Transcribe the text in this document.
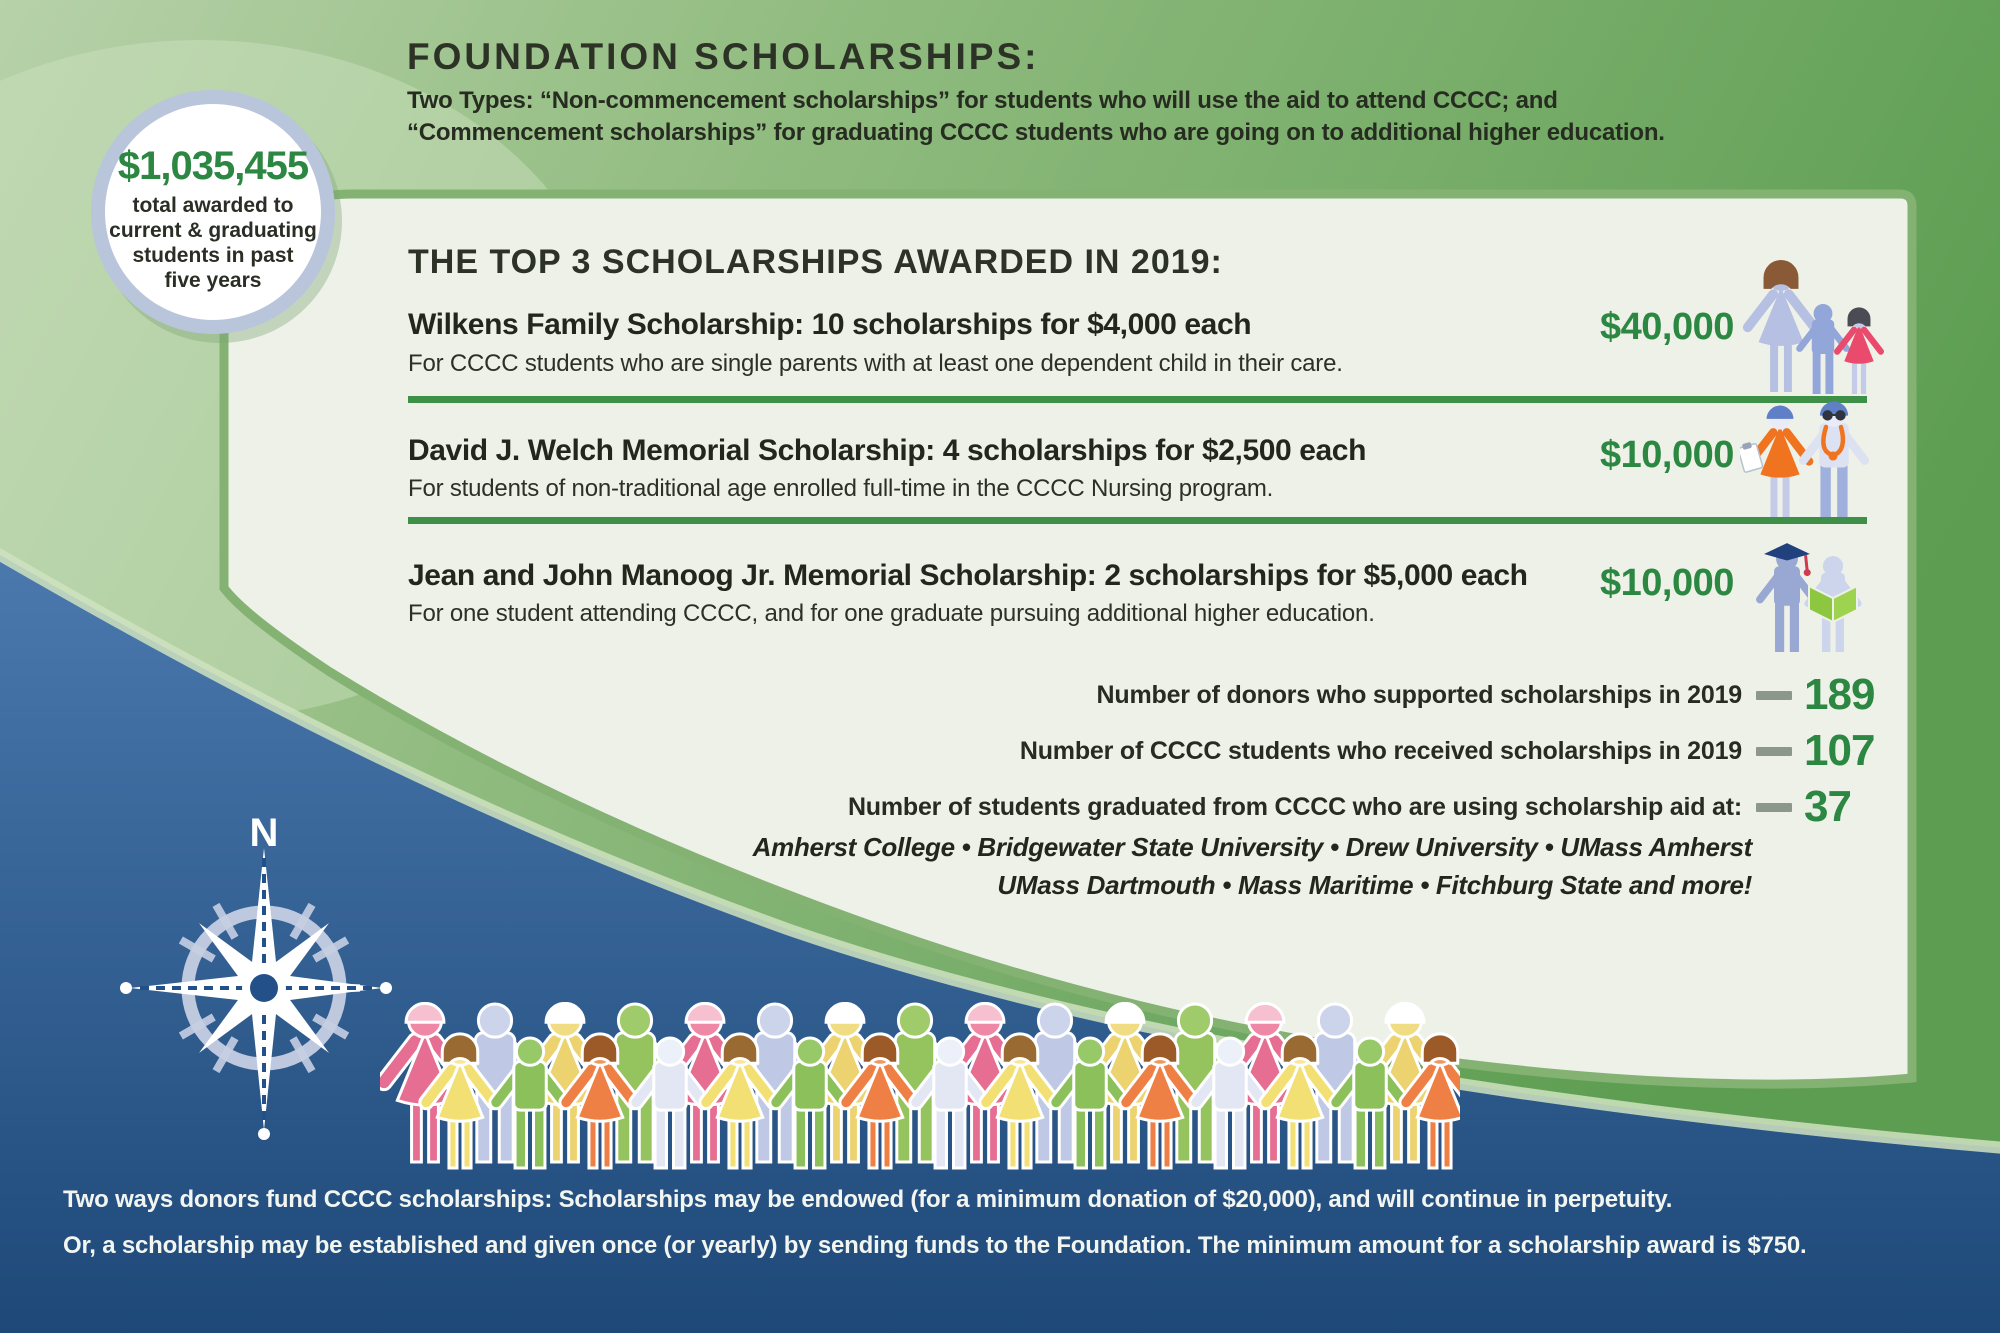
FOUNDATION SCHOLARSHIPS:
Two Types: “Non-commencement scholarships” for students who will use the aid to attend CCCC; and
“Commencement scholarships” for graduating CCCC students who are going on to additional higher education.
$1,035,455
total awarded to
current & graduating
students in past
five years	THE TOP 3 SCHOLARSHIPS AWARDED IN 2019:
Wilkens Family Scholarship: 10 scholarships for $4,000 each
For CCCC students who are single parents with at least one dependent child in their care.
$40,000
David J. Welch Memorial Scholarship: 4 scholarships for $2,500 each
For students of non-traditional age enrolled full-time in the CCCC Nursing program.
$10,000
Jean and John Manoog Jr. Memorial Scholarship: 2 scholarships for $5,000 each
For one student attending CCCC, and for one graduate pursuing additional higher education.
$10,000
Number of donors who supported scholarships in 2019 189
Number of CCCC students who received scholarships in 2019 107
Number of students graduated from CCCC who are using scholarship aid at: 37
Amherst College • Bridgewater State University • Drew University • UMass Amherst
UMass Dartmouth • Mass Maritime • Fitchburg State and more!
N
Two ways donors fund CCCC scholarships: Scholarships may be endowed (for a minimum donation of $20,000), and will continue in perpetuity.
Or, a scholarship may be established and given once (or yearly) by sending funds to the Foundation. The minimum amount for a scholarship award is $750.
